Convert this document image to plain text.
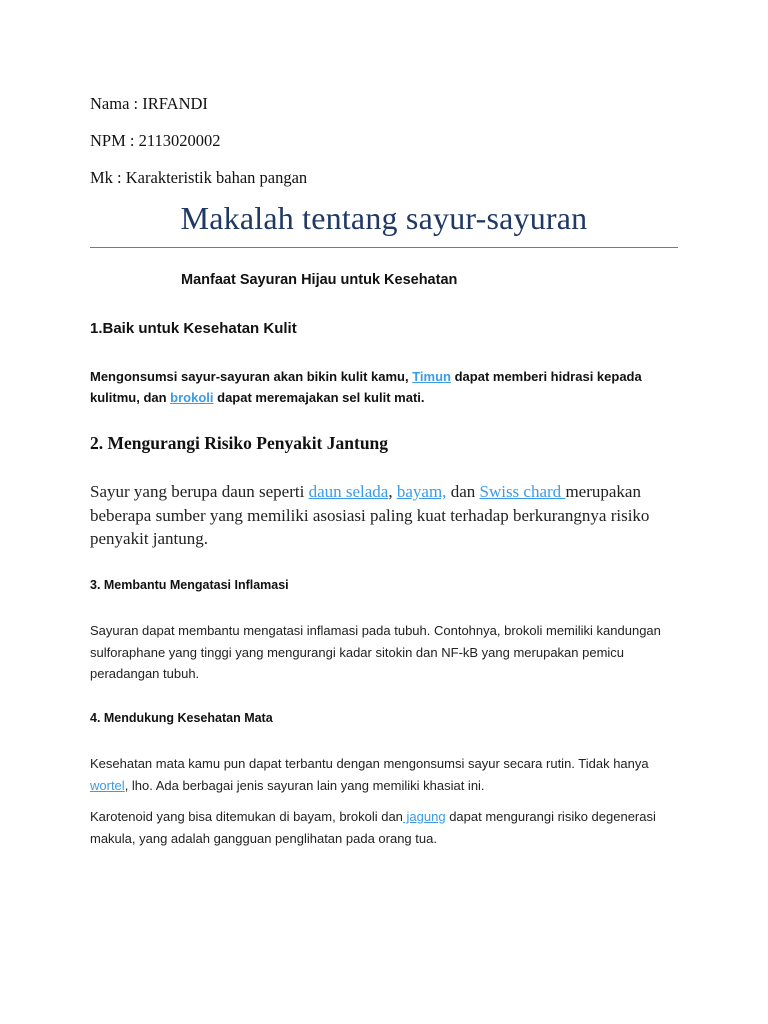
Nama : IRFANDI

NPM : 2113020002

Mk : Karakteristik bahan pangan

Makalah tentang sayur-sayuran
Manfaat Sayuran Hijau untuk Kesehatan
1.Baik untuk Kesehatan Kulit

Mengonsumsi sayur-sayuran akan bikin kulit kamu, Timun dapat memberi hidrasi kepada kulitmu, dan brokoli dapat meremajakan sel kulit mati.

2. Mengurangi Risiko Penyakit Jantung

Sayur yang berupa daun seperti daun selada, bayam, dan Swiss chard merupakan beberapa sumber yang memiliki asosiasi paling kuat terhadap berkurangnya risiko penyakit jantung.

3. Membantu Mengatasi Inflamasi

Sayuran dapat membantu mengatasi inflamasi pada tubuh. Contohnya, brokoli memiliki kandungan sulforaphane yang tinggi yang mengurangi kadar sitokin dan NF-kB yang merupakan pemicu peradangan tubuh.

4. Mendukung Kesehatan Mata

Kesehatan mata kamu pun dapat terbantu dengan mengonsumsi sayur secara rutin. Tidak hanya wortel, lho. Ada berbagai jenis sayuran lain yang memiliki khasiat ini.

Karotenoid yang bisa ditemukan di bayam, brokoli dan jagung dapat mengurangi risiko degenerasi makula, yang adalah gangguan penglihatan pada orang tua.
